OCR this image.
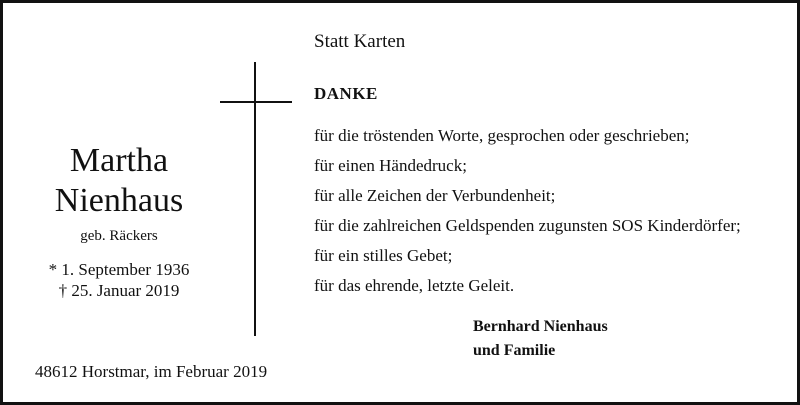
Statt Karten
Martha
Nienhaus
geb. Räckers
* 1. September 1936
† 25. Januar 2019
DANKE
für die tröstenden Worte, gesprochen oder geschrieben;
für einen Händedruck;
für alle Zeichen der Verbundenheit;
für die zahlreichen Geldspenden zugunsten SOS Kinderdörfer;
für ein stilles Gebet;
für das ehrende, letzte Geleit.
Bernhard Nienhaus
und Familie
48612 Horstmar, im Februar 2019
